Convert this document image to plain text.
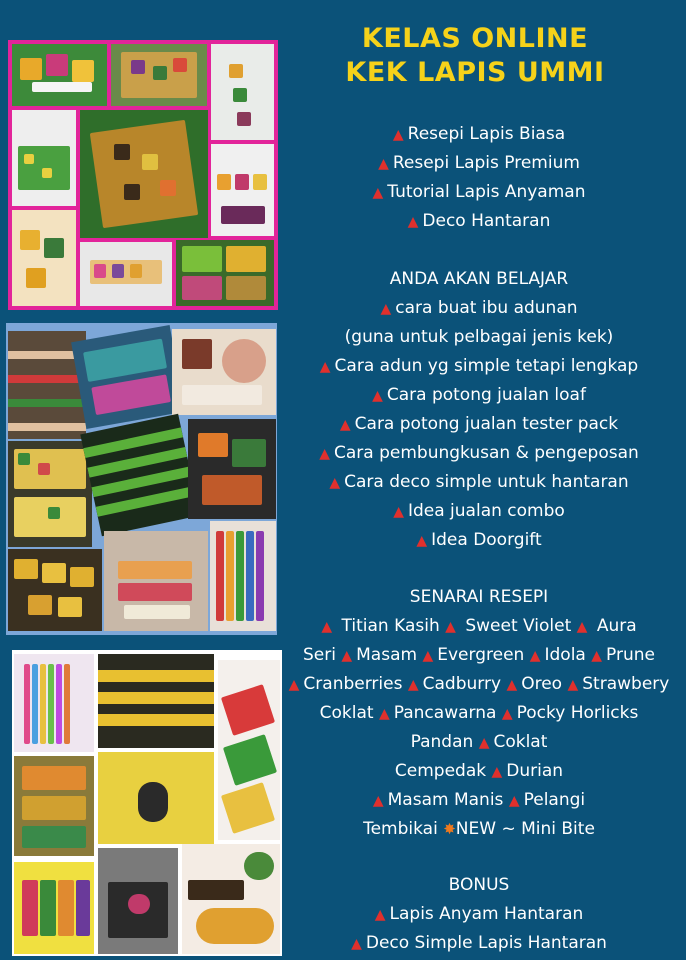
KELAS ONLINE
KEK LAPIS UMMI
▲ Resepi Lapis Biasa
▲ Resepi Lapis Premium
▲ Tutorial Lapis Anyaman
▲ Deco Hantaran
ANDA AKAN BELAJAR
▲ cara buat ibu adunan
(guna untuk pelbagai jenis kek)
▲ Cara adun yg simple tetapi lengkap
▲ Cara potong jualan loaf
▲ Cara potong jualan tester pack
▲ Cara pembungkusan & pengeposan
▲ Cara deco simple untuk hantaran
▲ Idea jualan combo
▲ Idea Doorgift
SENARAI RESEPI
▲ Titian Kasih ▲ Sweet Violet ▲ Aura
Seri ▲ Masam ▲ Evergreen ▲ Idola ▲ Prune
▲ Cranberries ▲ Cadburry ▲ Oreo ▲ Strawbery
Coklat ▲ Pancawarna ▲ Pocky Horlicks
Pandan ▲ Coklat
Cempedak ▲ Durian
▲ Masam Manis ▲ Pelangi
Tembikai ✸NEW ~ Mini Bite
BONUS
▲ Lapis Anyam Hantaran
▲ Deco Simple Lapis Hantaran
